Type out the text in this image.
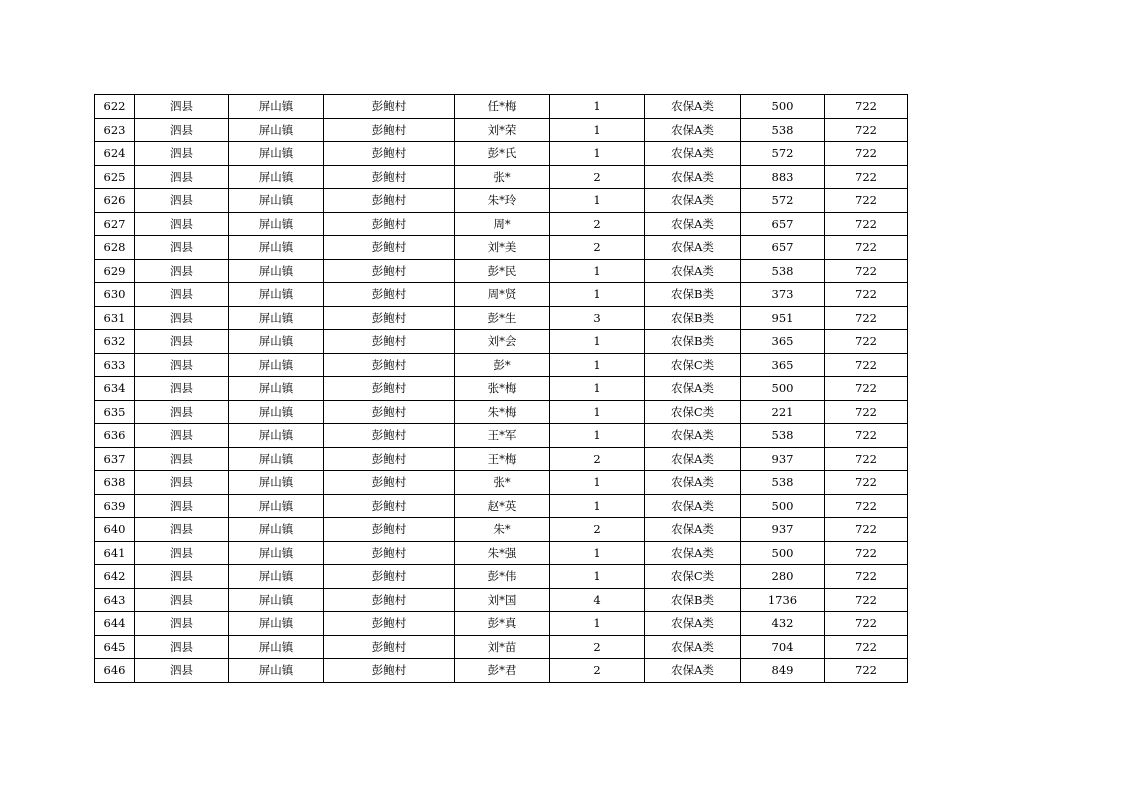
622	泗县	屏山镇	彭鲍村	任*梅	1	农保A类	500	722
623	泗县	屏山镇	彭鲍村	刘*荣	1	农保A类	538	722
624	泗县	屏山镇	彭鲍村	彭*氏	1	农保A类	572	722
625	泗县	屏山镇	彭鲍村	张*	2	农保A类	883	722
626	泗县	屏山镇	彭鲍村	朱*玲	1	农保A类	572	722
627	泗县	屏山镇	彭鲍村	周*	2	农保A类	657	722
628	泗县	屏山镇	彭鲍村	刘*美	2	农保A类	657	722
629	泗县	屏山镇	彭鲍村	彭*民	1	农保A类	538	722
630	泗县	屏山镇	彭鲍村	周*贤	1	农保B类	373	722
631	泗县	屏山镇	彭鲍村	彭*生	3	农保B类	951	722
632	泗县	屏山镇	彭鲍村	刘*会	1	农保B类	365	722
633	泗县	屏山镇	彭鲍村	彭*	1	农保C类	365	722
634	泗县	屏山镇	彭鲍村	张*梅	1	农保A类	500	722
635	泗县	屏山镇	彭鲍村	朱*梅	1	农保C类	221	722
636	泗县	屏山镇	彭鲍村	王*军	1	农保A类	538	722
637	泗县	屏山镇	彭鲍村	王*梅	2	农保A类	937	722
638	泗县	屏山镇	彭鲍村	张*	1	农保A类	538	722
639	泗县	屏山镇	彭鲍村	赵*英	1	农保A类	500	722
640	泗县	屏山镇	彭鲍村	朱*	2	农保A类	937	722
641	泗县	屏山镇	彭鲍村	朱*强	1	农保A类	500	722
642	泗县	屏山镇	彭鲍村	彭*伟	1	农保C类	280	722
643	泗县	屏山镇	彭鲍村	刘*国	4	农保B类	1736	722
644	泗县	屏山镇	彭鲍村	彭*真	1	农保A类	432	722
645	泗县	屏山镇	彭鲍村	刘*苗	2	农保A类	704	722
646	泗县	屏山镇	彭鲍村	彭*君	2	农保A类	849	722
